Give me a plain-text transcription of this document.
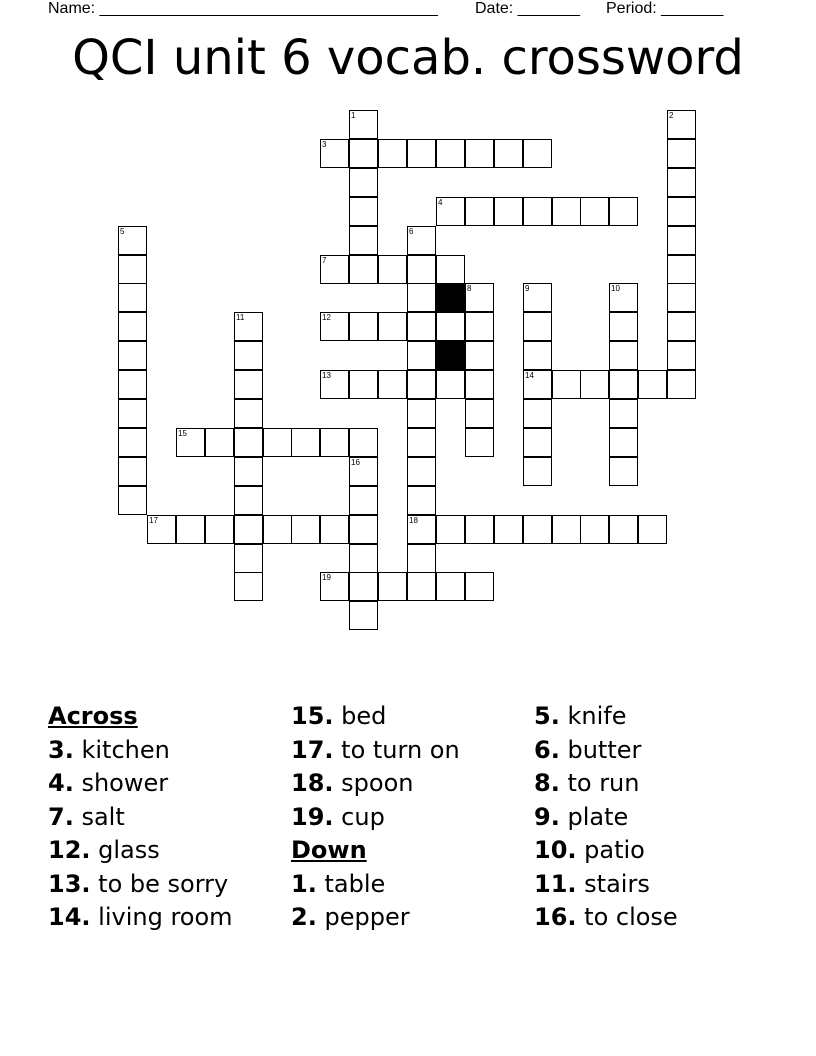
Name: ______________________________________

Date: _______

Period: _______

QCI unit 6 vocab. crossword
1	2
3
4
5	6
18
7
8	9
14
10
11	12
13
15
16
17
19
Across
3. kitchen
4. shower
7. salt
12. glass
13. to be sorry
14. living room
15. bed
17. to turn on
18. spoon
19. cup
Down
1. table
2. pepper
5. knife
6. butter
8. to run
9. plate
10. patio
11. stairs
16. to close
